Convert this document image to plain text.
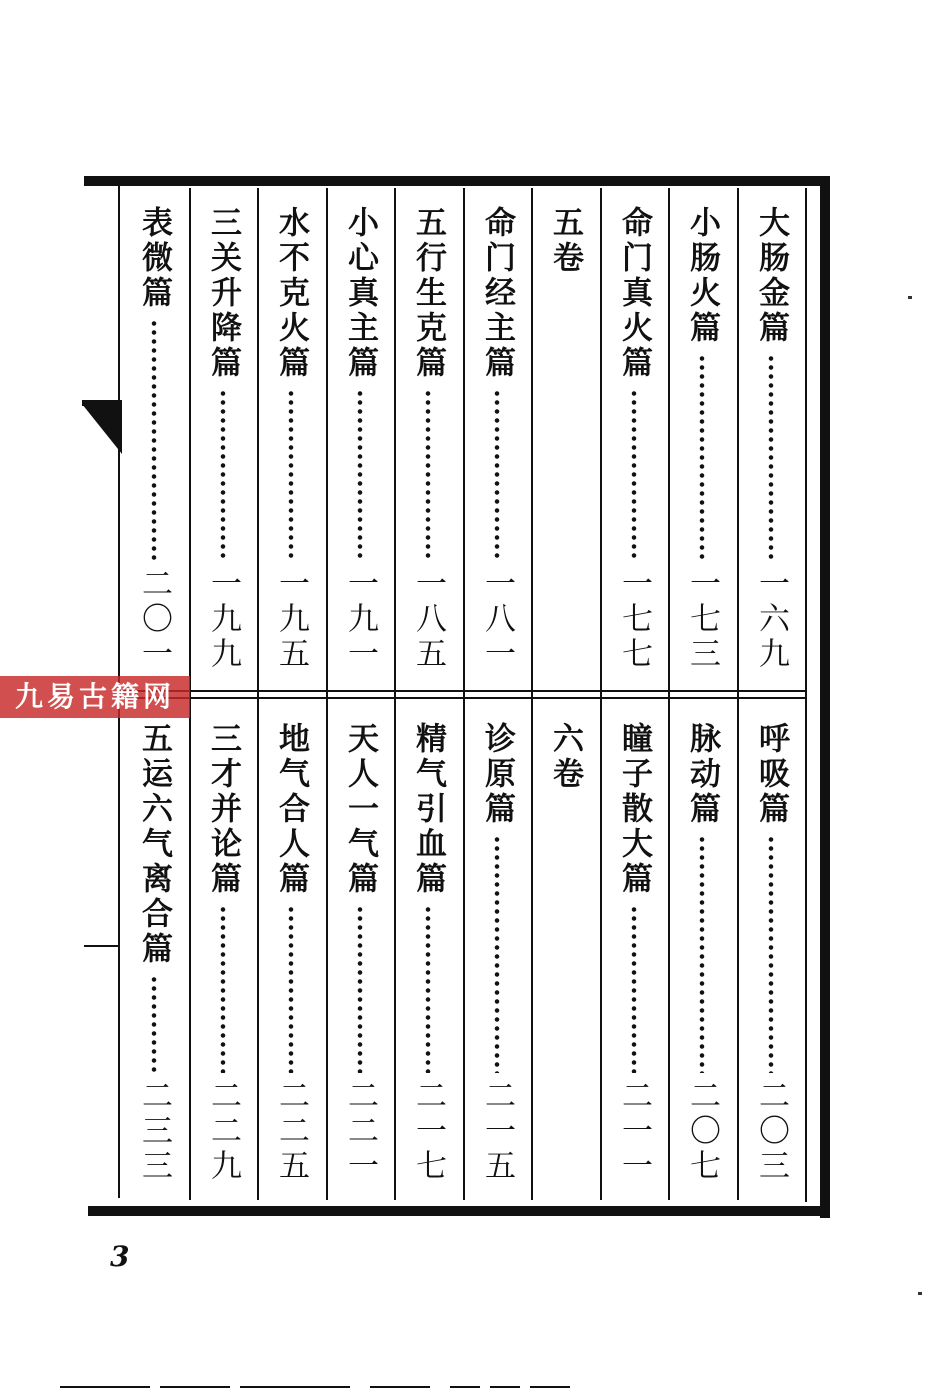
大肠金篇
一六九
小肠火篇
一七三
命门真火篇
一七七
五卷
命门经主篇
一八一
五行生克篇
一八五
小心真主篇
一九一
水不克火篇
一九五
三关升降篇
一九九
表微篇
二〇一
呼吸篇
二〇三
脉动篇
二〇七
瞳子散大篇
二一一
六卷
诊原篇
二一五
精气引血篇
二一七
天人一气篇
二二一
地气合人篇
二二五
三才并论篇
二二九
五运六气离合篇
二三三
九易古籍网
3
